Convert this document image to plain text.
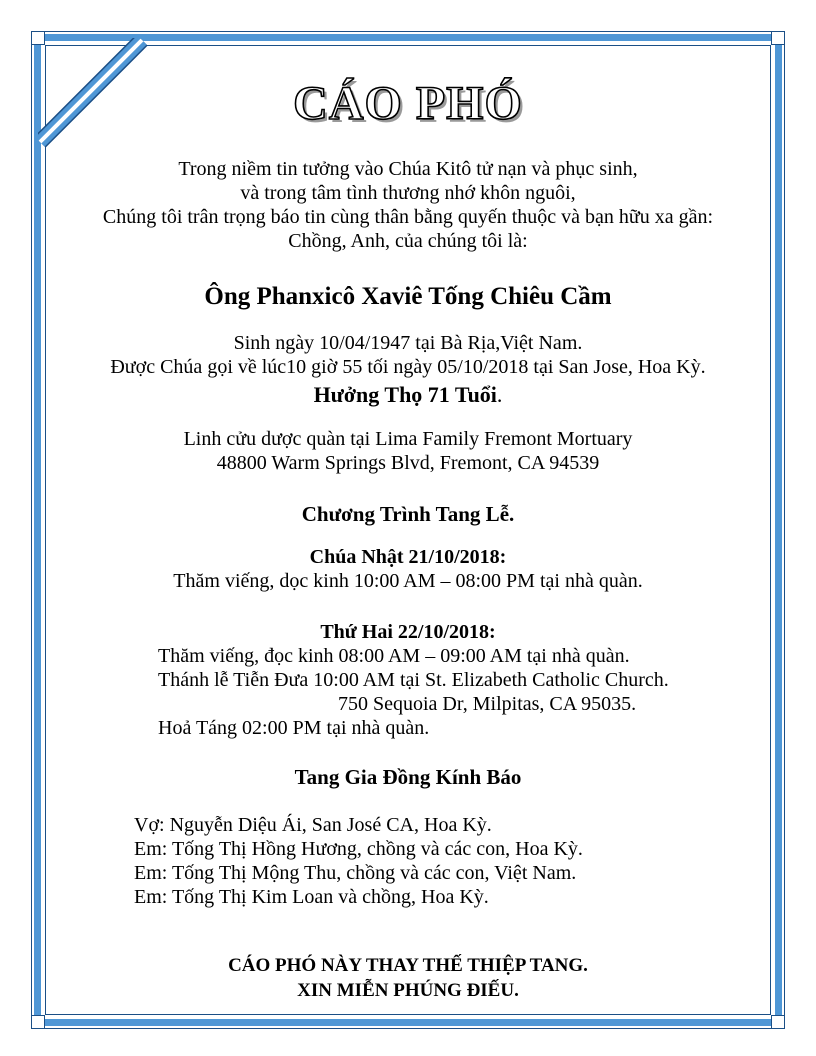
CÁO PHÓ
Trong niềm tin tưởng vào Chúa Kitô tử nạn và phục sinh,
và trong tâm tình thương nhớ khôn nguôi,
Chúng tôi trân trọng báo tin cùng thân bằng quyến thuộc và bạn hữu xa gần:
Chồng, Anh, của chúng tôi là:
Ông Phanxicô Xaviê Tống Chiêu Cầm
Sinh ngày 10/04/1947 tại Bà Rịa,Việt Nam.
Được Chúa gọi về lúc10 giờ 55 tối ngày 05/10/2018 tại San Jose, Hoa Kỳ.
Hưởng Thọ 71 Tuổi.
Linh cửu dược quàn tại Lima Family Fremont Mortuary
48800 Warm Springs Blvd, Fremont, CA 94539
Chương Trình Tang Lễ.
Chúa Nhật 21/10/2018:
Thăm viếng, dọc kinh 10:00 AM – 08:00 PM tại nhà quàn.
Thứ Hai 22/10/2018:
Thăm viếng, đọc kinh 08:00 AM – 09:00 AM tại nhà quàn.
Thánh lễ Tiễn Đưa 10:00 AM tại St. Elizabeth Catholic Church.
750 Sequoia Dr, Milpitas, CA 95035.
Hoả Táng 02:00 PM tại nhà quàn.
Tang Gia Đồng Kính Báo
Vợ: Nguyễn Diệu Ái, San José CA, Hoa Kỳ.
Em: Tống Thị Hồng Hương, chồng và các con, Hoa Kỳ.
Em: Tống Thị Mộng Thu, chồng và các con, Việt Nam.
Em: Tống Thị Kim Loan và chồng, Hoa Kỳ.
CÁO PHÓ NÀY THAY THẾ THIỆP TANG.
XIN MIỄN PHÚNG ĐIẾU.
